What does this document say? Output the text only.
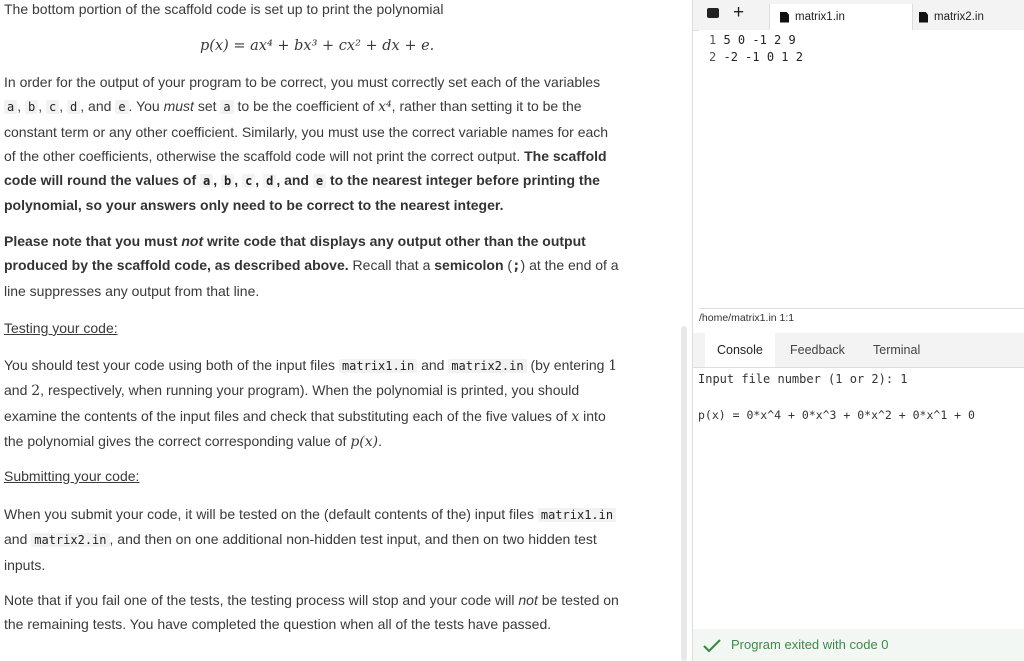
The bottom portion of the scaffold code is set up to print the polynomial

p(x) = ax⁴ + bx³ + cx² + dx + e.

In order for the output of your program to be correct, you must correctly set each of the variables
a , b , c , d , and e . You must set a to be the coefficient of x⁴, rather than setting it to be the
constant term or any other coefficient. Similarly, you must use the correct variable names for each
of the other coefficients, otherwise the scaffold code will not print the correct output. The scaffold
code will round the values of a , b , c , d , and e to the nearest integer before printing the
polynomial, so your answers only need to be correct to the nearest integer.

Please note that you must not write code that displays any output other than the output
produced by the scaffold code, as described above. Recall that a semicolon (;) at the end of a
line suppresses any output from that line.

Testing your code:

You should test your code using both of the input files matrix1.in and matrix2.in (by entering 1
and 2, respectively, when running your program). When the polynomial is printed, you should
examine the contents of the input files and check that substituting each of the five values of x into
the polynomial gives the correct corresponding value of p(x).

Submitting your code:

When you submit your code, it will be tested on the (default contents of the) input files matrix1.in
and matrix2.in , and then on one additional non-hidden test input, and then on two hidden test
inputs.

Note that if you fail one of the tests, the testing process will stop and your code will not be tested on
the remaining tests. You have completed the question when all of the tests have passed.

+	matrix1.in	matrix2.in
1 5 0 -1 2 9
2 -2 -1 0 1 2
/home/matrix1.in 1:1
Console	Feedback Terminal
Input file number (1 or 2): 1
p(x) = 0*x^4 + 0*x^3 + 0*x^2 + 0*x^1 + 0
Program exited with code 0
